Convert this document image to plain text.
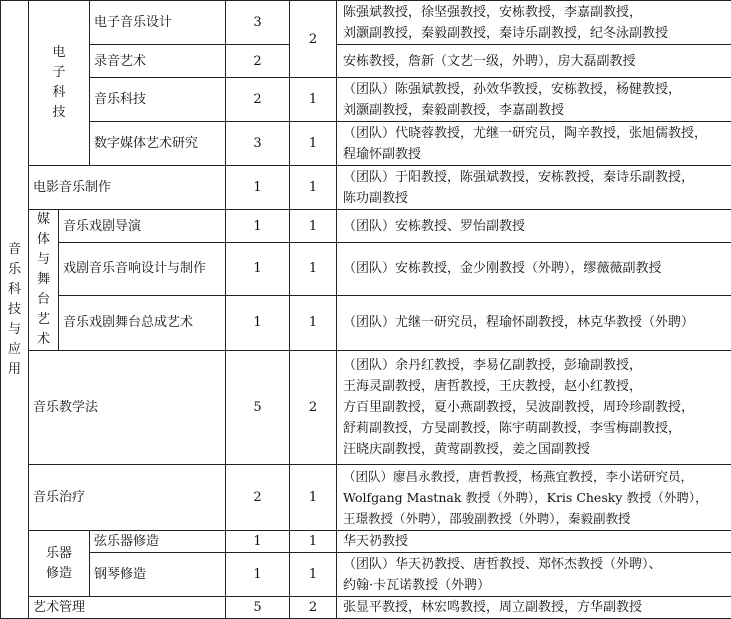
音乐科技与应用	电子科技		电子音乐设计	3	2	陈强斌教授，徐坚强教授，安栋教授，李嘉副教授，
刘灏副教授，秦毅副教授，秦诗乐副教授，纪冬泳副教授

			录音艺术	2		安栋教授，詹新（文艺一级，外聘），房大磊副教授

			音乐科技	2	1	（团队）陈强斌教授，孙效华教授，安栋教授，杨健教授，
刘灏副教授，秦毅副教授，李嘉副教授

			数字媒体艺术研究	3	1	（团队）代晓蓉教授，尤继一研究员，陶辛教授，张旭儒教授，
程瑜怀副教授

	电影音乐制作			1	1	（团队）于阳教授，陈强斌教授，安栋教授，秦诗乐副教授，
陈功副教授

	媒体与舞台艺术	音乐戏剧导演		1	1	（团队）安栋教授、罗怡副教授

		戏剧音乐音响设计与制作		1	1	（团队）安栋教授，金少刚教授（外聘），缪薇薇副教授

		音乐戏剧舞台总成艺术		1	1	（团队）尤继一研究员，程瑜怀副教授，林克华教授（外聘）

	音乐教学法			5	2	（团队）余丹红教授，李易亿副教授，彭瑜副教授，
王海灵副教授，唐哲教授，王庆教授，赵小红教授，
方百里副教授，夏小燕副教授，吴波副教授，周玲珍副教授，
舒莉副教授，方旻副教授，陈宇萌副教授，李雪梅副教授，
汪晓庆副教授，黄莺副教授，姜之国副教授

	音乐治疗			2	1	（团队）廖昌永教授，唐哲教授，杨燕宜教授，李小诺研究员，
Wolfgang Mastnak 教授（外聘），Kris Chesky 教授（外聘），
王璟教授（外聘），邵骏副教授（外聘），秦毅副教授

	乐器修造		弦乐器修造	1	1	华天礽教授

			钢琴修造	1	1	（团队）华天礽教授、唐哲教授、郑怀杰教授（外聘）、
约翰·卡瓦诺教授（外聘）

	艺术管理			5	2	张显平教授，林宏鸣教授，周立副教授，方华副教授
